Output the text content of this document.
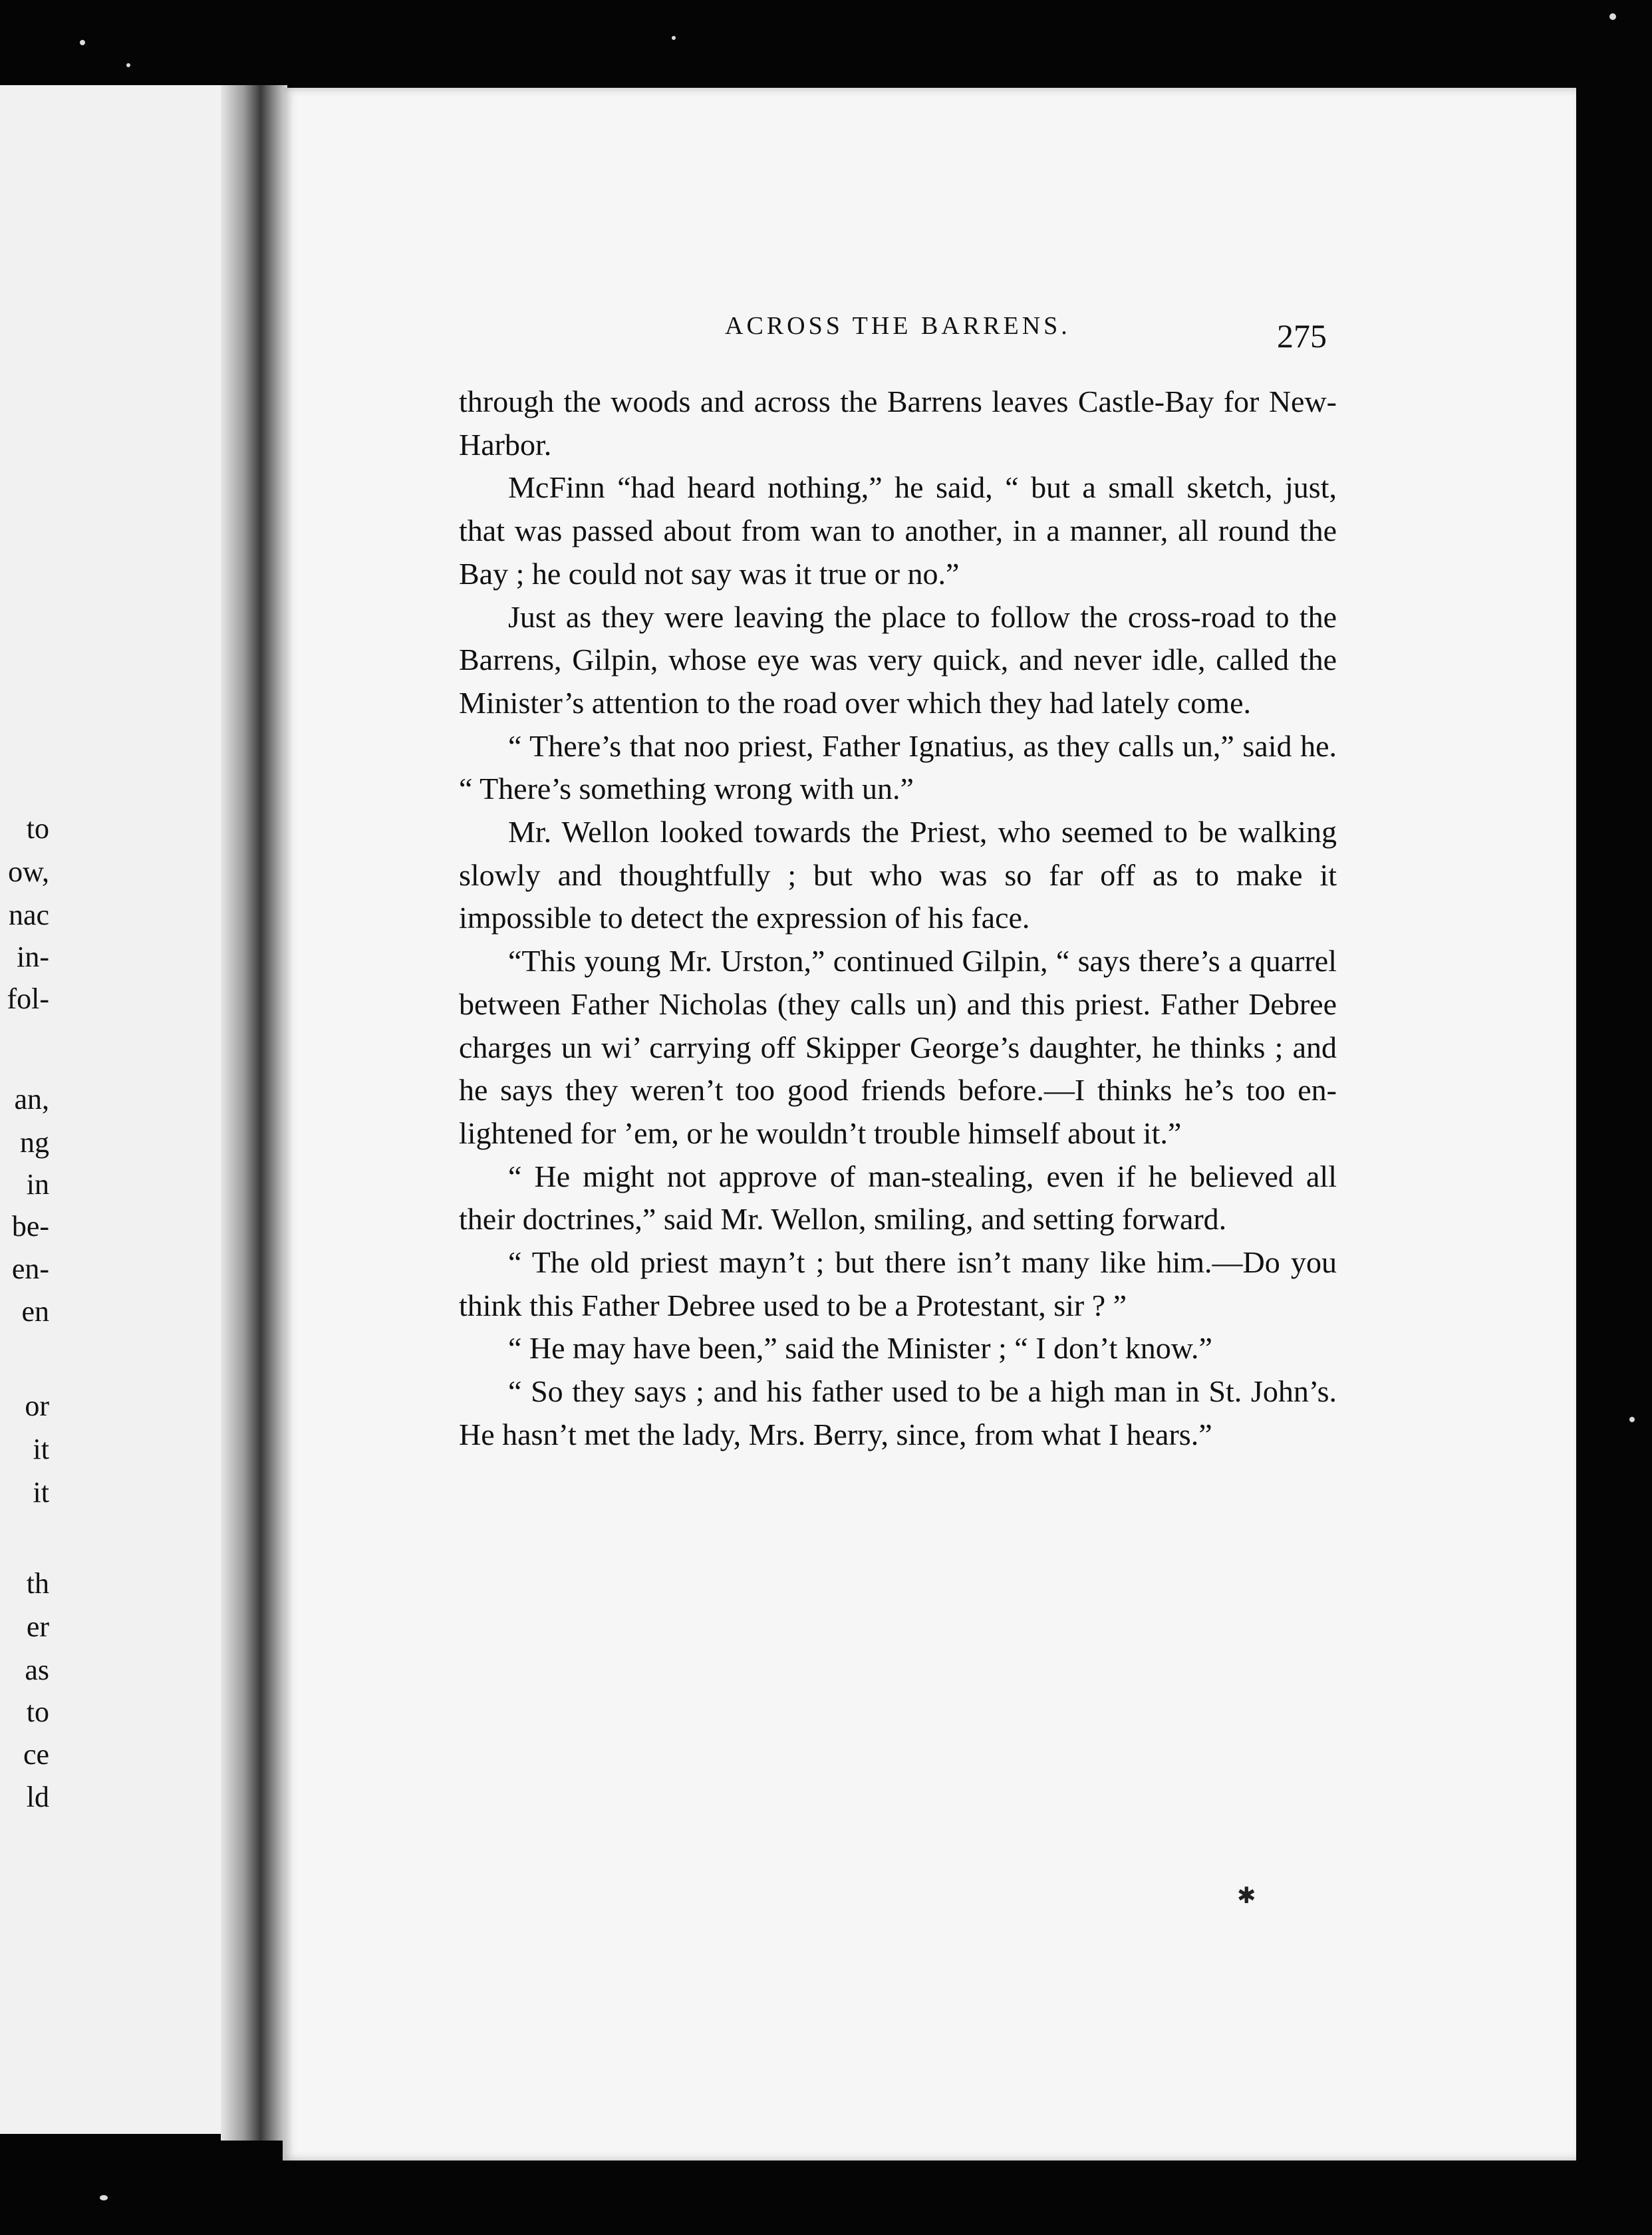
to
ow,
nac
in-
fol-
an,
ng
in
be-
en-
en
or
it
it
th
er
as
to
ce
ld
ACROSS THE BARRENS.	275

through the woods and across the Barrens leaves Castle-Bay for New-Harbor.

McFinn “had heard nothing,” he said, “ but a small sketch, just, that was passed about from wan to another, in a manner, all round the Bay ; he could not say was it true or no.”

Just as they were leaving the place to follow the cross-road to the Barrens, Gilpin, whose eye was very quick, and never idle, called the Minister’s attention to the road over which they had lately come.

“ There’s that noo priest, Father Ignatius, as they calls un,” said he. “ There’s something wrong with un.”

Mr. Wellon looked towards the Priest, who seemed to be walking slowly and thoughtfully ; but who was so far off as to make it impossible to detect the expression of his face.

“This young Mr. Urston,” continued Gilpin, “ says there’s a quarrel between Father Nicholas (they calls un) and this priest. Father Debree charges un wi’ carrying off Skipper George’s daughter, he thinks ; and he says they weren’t too good friends before.—I thinks he’s too en-lightened for ’em, or he wouldn’t trouble himself about it.”

“ He might not approve of man-stealing, even if he believed all their doctrines,” said Mr. Wellon, smiling, and setting forward.

“ The old priest mayn’t ; but there isn’t many like him.—Do you think this Father Debree used to be a Protestant, sir ? ”

“ He may have been,” said the Minister ; “ I don’t know.”

“ So they says ; and his father used to be a high man in St. John’s. He hasn’t met the lady, Mrs. Berry, since, from what I hears.”

✱
